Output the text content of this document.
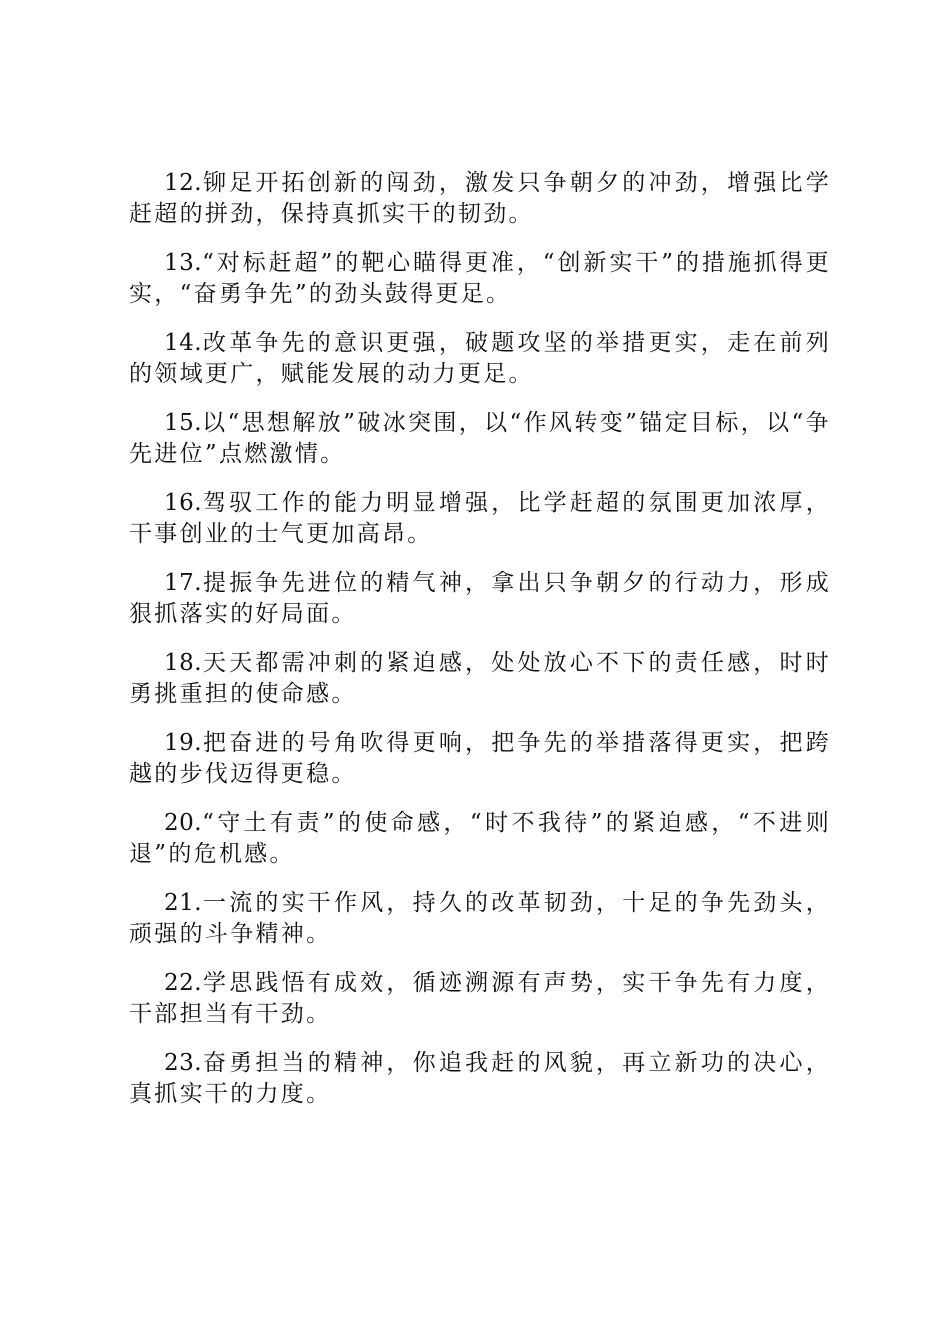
12.铆足开拓创新的闯劲，激发只争朝夕的冲劲，增强比学赶超的拼劲，保持真抓实干的韧劲。

13.“对标赶超”的靶心瞄得更准，“创新实干”的措施抓得更实，“奋勇争先”的劲头鼓得更足。

14.改革争先的意识更强，破题攻坚的举措更实，走在前列的领域更广，赋能发展的动力更足。

15.以“思想解放”破冰突围，以“作风转变”锚定目标，以“争先进位”点燃激情。

16.驾驭工作的能力明显增强，比学赶超的氛围更加浓厚，干事创业的士气更加高昂。

17.提振争先进位的精气神，拿出只争朝夕的行动力，形成狠抓落实的好局面。

18.天天都需冲刺的紧迫感，处处放心不下的责任感，时时勇挑重担的使命感。

19.把奋进的号角吹得更响，把争先的举措落得更实，把跨越的步伐迈得更稳。

20.“守土有责”的使命感，“时不我待”的紧迫感，“不进则退”的危机感。

21.一流的实干作风，持久的改革韧劲，十足的争先劲头，顽强的斗争精神。

22.学思践悟有成效，循迹溯源有声势，实干争先有力度，干部担当有干劲。

23.奋勇担当的精神，你追我赶的风貌，再立新功的决心，真抓实干的力度。
